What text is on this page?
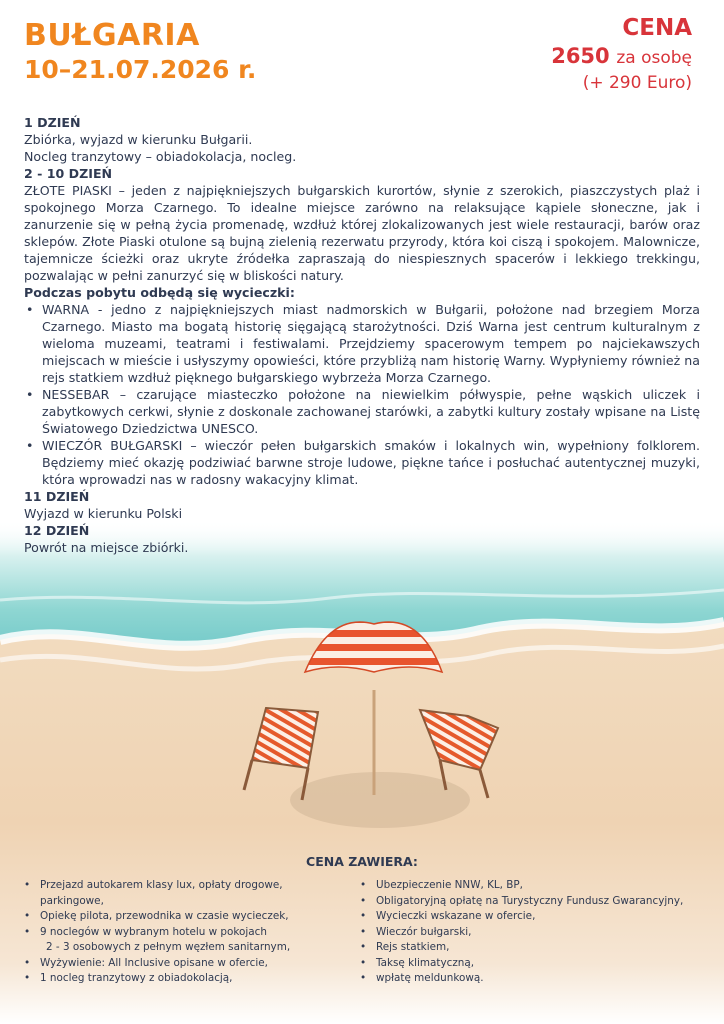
BUŁGARIA
10–21.07.2026 r.
CENA
2650 za osobę
(+ 290 Euro)
1 DZIEŃ
Zbiórka, wyjazd w kierunku Bułgarii.
Nocleg tranzytowy – obiadokolacja, nocleg.
2 - 10 DZIEŃ
ZŁOTE PIASKI – jeden z najpiękniejszych bułgarskich kurortów, słynie z szerokich, piaszczystych plaż i spokojnego Morza Czarnego. To idealne miejsce zarówno na relaksujące kąpiele słoneczne, jak i zanurzenie się w pełną życia promenadę, wzdłuż której zlokalizowanych jest wiele restauracji, barów oraz sklepów. Złote Piaski otulone są bujną zielenią rezerwatu przyrody, która koi ciszą i spokojem. Malownicze, tajemnicze ścieżki oraz ukryte źródełka zapraszają do niespiesznych spacerów i lekkiego trekkingu, pozwalając w pełni zanurzyć się w bliskości natury.
Podczas pobytu odbędą się wycieczki:
• WARNA - jedno z najpiękniejszych miast nadmorskich w Bułgarii, położone nad brzegiem Morza Czarnego. Miasto ma bogatą historię sięgającą starożytności. Dziś Warna jest centrum kulturalnym z wieloma muzeami, teatrami i festiwalami. Przejdziemy spacerowym tempem po najciekawszych miejscach w mieście i usłyszymy opowieści, które przybliżą nam historię Warny. Wypłyniemy również na rejs statkiem wzdłuż pięknego bułgarskiego wybrzeża Morza Czarnego.
• NESSEBAR – czarujące miasteczko położone na niewielkim półwyspie, pełne wąskich uliczek i zabytkowych cerkwi, słynie z doskonale zachowanej starówki, a zabytki kultury zostały wpisane na Listę Światowego Dziedzictwa UNESCO.
• WIECZÓR BUŁGARSKI – wieczór pełen bułgarskich smaków i lokalnych win, wypełniony folklorem. Będziemy mieć okazję podziwiać barwne stroje ludowe, piękne tańce i posłuchać autentycznej muzyki, która wprowadzi nas w radosny wakacyjny klimat.
11 DZIEŃ
Wyjazd w kierunku Polski
12 DZIEŃ
Powrót na miejsce zbiórki.
CENA ZAWIERA:
• Przejazd autokarem klasy lux, opłaty drogowe, parkingowe,
• Opiekę pilota, przewodnika w czasie wycieczek,
• 9 noclegów w wybranym hotelu w pokojach
2 - 3 osobowych z pełnym węzłem sanitarnym,
• Wyżywienie: All Inclusive opisane w ofercie,
• 1 nocleg tranzytowy z obiadokolacją,
• Ubezpieczenie NNW, KL, BP,
• Obligatoryjną opłatę na Turystyczny Fundusz Gwarancyjny,
• Wycieczki wskazane w ofercie,
• Wieczór bułgarski,
• Rejs statkiem,
• Taksę klimatyczną,
• wpłatę meldunkową.
